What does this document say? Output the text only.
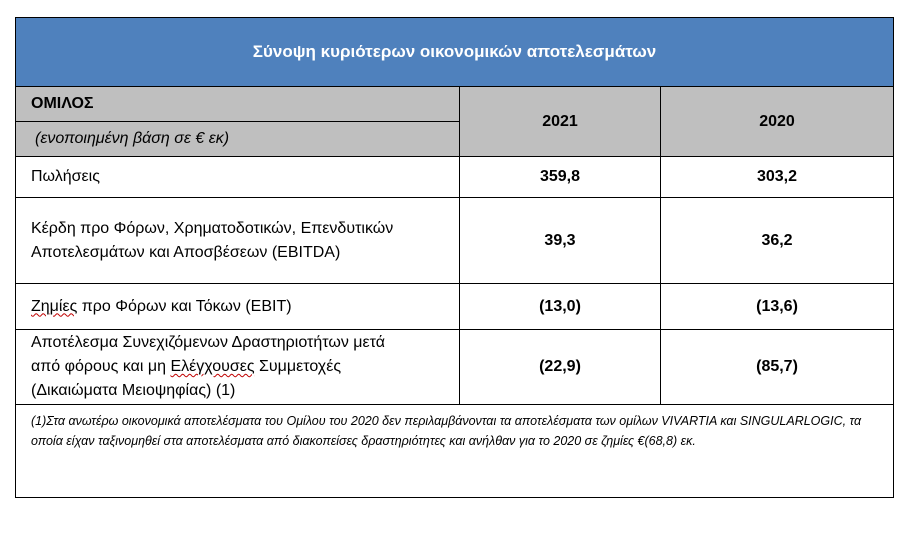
Σύνοψη κυριότερων οικονομικών αποτελεσμάτων		
ΟΜΙΛΟΣ	2021	2020
(ενοποιημένη βάση σε € εκ)		
Πωλήσεις	359,8	303,2

Κέρδη προ Φόρων, Χρηματοδοτικών, Επενδυτικών
Αποτελεσμάτων και Αποσβέσεων (EBITDA)	39,3	36,2
Ζημίες προ Φόρων και Τόκων (EBIT)	(13,0)	(13,6)

Αποτέλεσμα Συνεχιζόμενων Δραστηριοτήτων μετά
από φόρους και μη Ελέγχουσες Συμμετοχές
(Δικαιώματα Μειοψηφίας) (1)	(22,9)	(85,7)
(1)Στα ανωτέρω οικονομικά αποτελέσματα του Ομίλου του 2020 δεν περιλαμβάνονται τα αποτελέσματα των ομίλων VIVARTIA και SINGULARLOGIC, τα οποία είχαν ταξινομηθεί στα αποτελέσματα από διακοπείσες δραστηριότητες και ανήλθαν για το 2020 σε ζημίες €(68,8) εκ.		
